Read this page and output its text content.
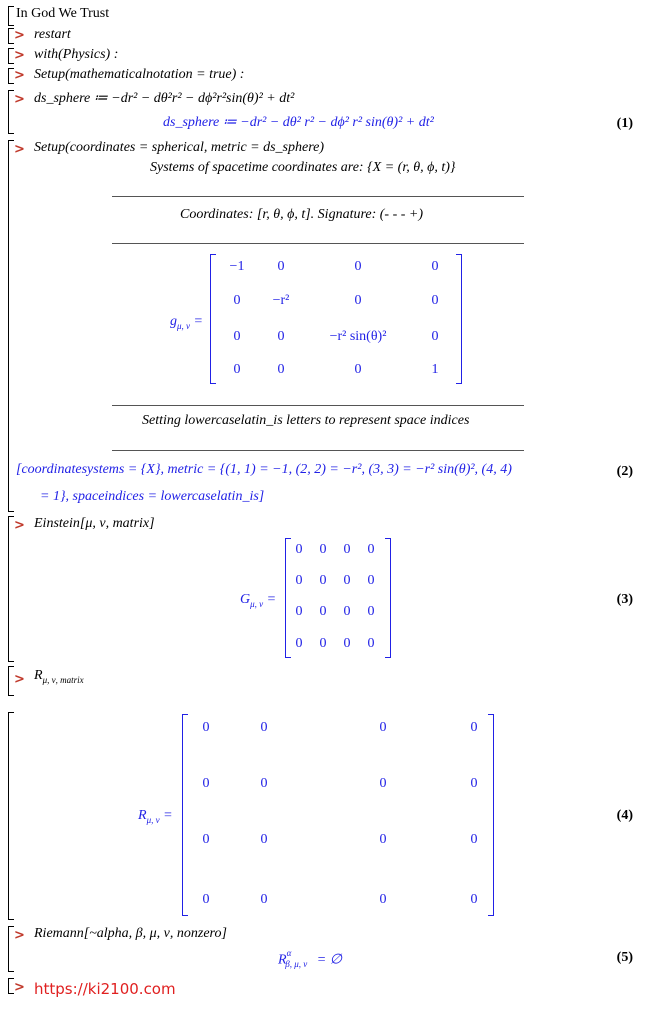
In God We Trust
> restart
> with(Physics) :
> Setup(mathematicalnotation = true) :
> ds_sphere ≔ −dr² − dθ²r² − dϕ²r²sin(θ)² + dt²
ds_sphere ≔ −dr² − dθ² r² − dϕ² r² sin(θ)² + dt²	(1)
> Setup(coordinates = spherical, metric = ds_sphere)
Systems of spacetime coordinates are: {X = (r, θ, ϕ, t)}
Coordinates: [r, θ, ϕ, t]. Signature: (- - - +)
$g_{\mu, \nu}$ =
−1	0	0	0
0	−r²	0	0
0	0	−r² sin(θ)²	0
0	0	0	1
Setting lowercaselatin_is letters to represent space indices
[coordinatesystems = {X}, metric = {(1, 1) = −1, (2, 2) = −r², (3, 3) = −r² sin(θ)², (4, 4)
= 1}, spaceindices = lowercaselatin_is]
(2)
> Einstein[μ, ν, matrix]
$G_{\mu, \nu}$ =
0	0	0	0
0	0	0	0
0	0	0	0
0	0	0	0
(3)
> $R_{\mu, \nu, matrix}$
$R_{\mu, \nu}$ =
0	0	0	0
0	0	0	0
0	0	0	0
0	0	0	0
(4)
> Riemann[~alpha, β, μ, ν, nonzero]
$R^\alpha_{\beta, \mu, \nu}$ = ∅	(5)
> https://ki2100.com
